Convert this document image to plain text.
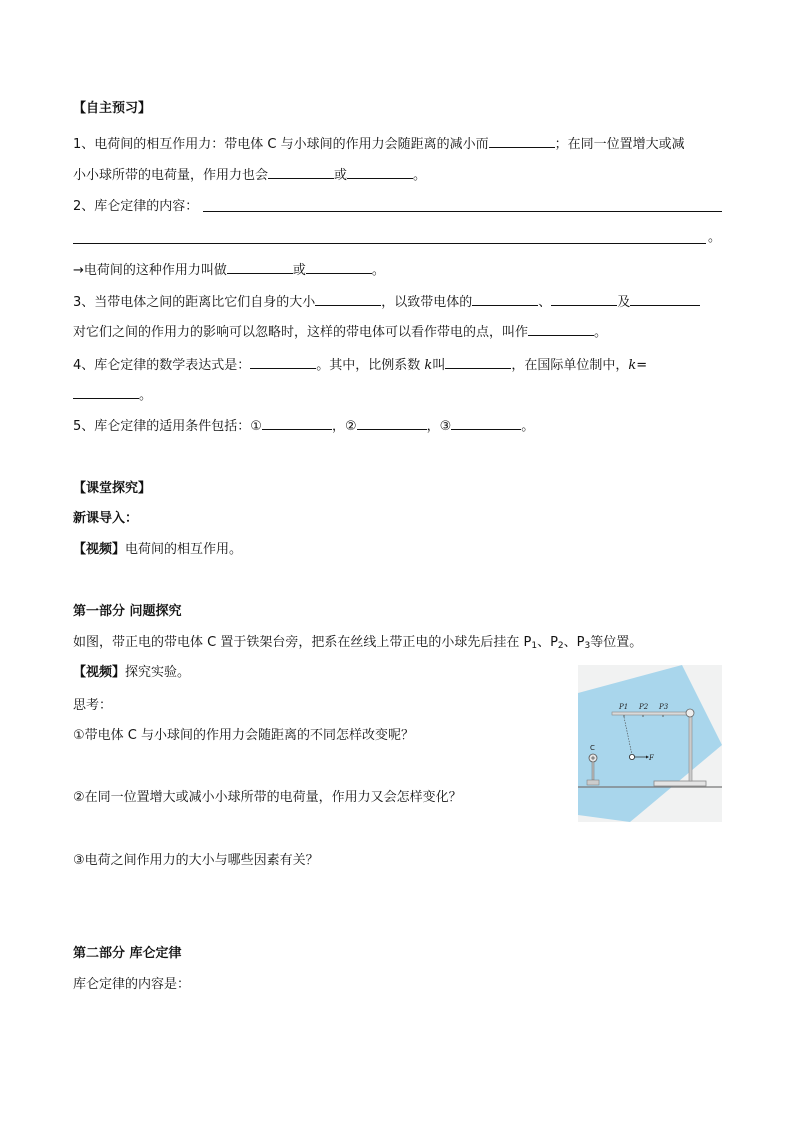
【自主预习】
1、电荷间的相互作用力：带电体 C 与小球间的作用力会随距离的减小而	；在同一位置增大或减
小小球所带的电荷量，作用力也会	或	。
2、库仑定律的内容：
。
→电荷间的这种作用力叫做	或	。
3、当带电体之间的距离比它们自身的大小	，以致带电体的	、	及
对它们之间的作用力的影响可以忽略时，这样的带电体可以看作带电的点，叫作	。
4、库仑定律的数学表达式是：	。其中，比例系数 k叫	，在国际单位制中，k=
。
5、库仑定律的适用条件包括：①	，②	，③	。
【课堂探究】
新课导入：
【视频】电荷间的相互作用。
第一部分 问题探究
如图，带正电的带电体 C 置于铁架台旁，把系在丝线上带正电的小球先后挂在 $P_1$、$P_2$、$P_3$等位置。
【视频】探究实验。
思考：
①带电体 C 与小球间的作用力会随距离的不同怎样改变呢？
②在同一位置增大或减小小球所带的电荷量，作用力又会怎样变化？
③电荷之间作用力的大小与哪些因素有关？
第二部分 库仑定律
库仑定律的内容是：
P1 P2 P3
F
C
